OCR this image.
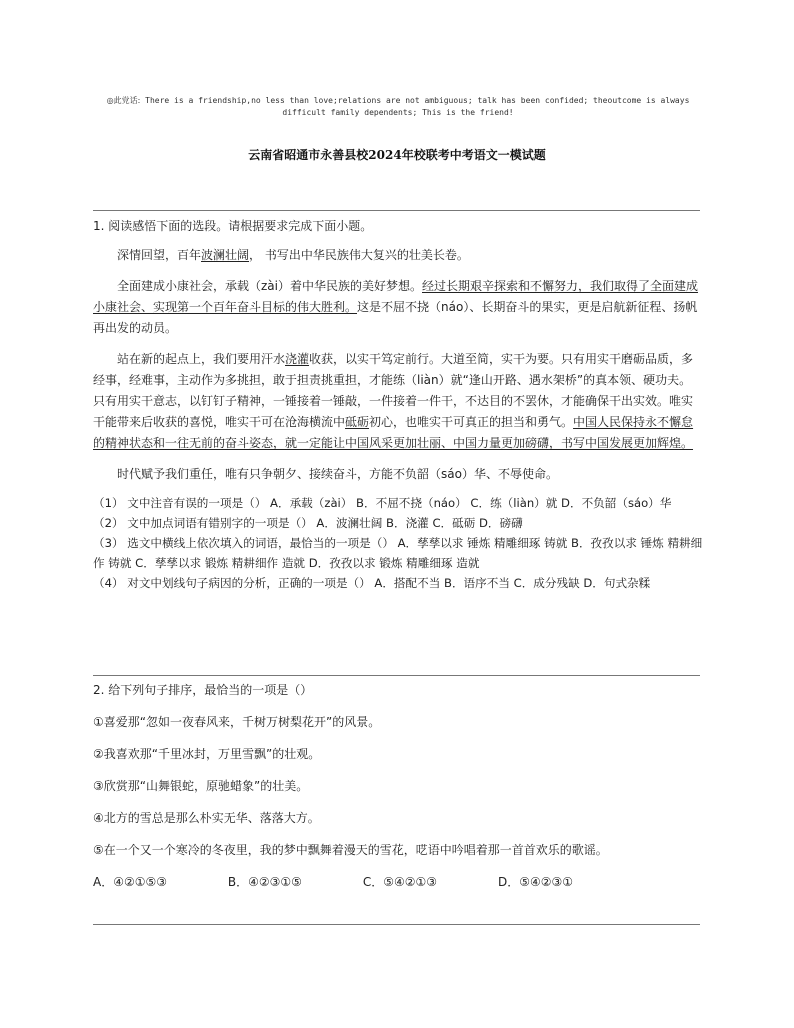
◎此党话: There is a friendship,no less than love;relations are not ambiguous; talk has been confided; theoutcome is always
difficult family dependents; This is the friend!
云南省昭通市永善县校2024年校联考中考语文一模试题
1. 阅读感悟下面的选段。请根据要求完成下面小题。

深情回望，百年波澜壮阔， 书写出中华民族伟大复兴的壮美长卷。

全面建成小康社会，承载（zài）着中华民族的美好梦想。经过长期艰辛探索和不懈努力，我们取得了全面建成小康社会、实现第一个百年奋斗目标的伟大胜利。这是不屈不挠（náo）、长期奋斗的果实，更是启航新征程、扬帆再出发的动员。

站在新的起点上，我们要用汗水浇灌收获，以实干笃定前行。大道至简，实干为要。只有用实干磨砺品质，多经事，经难事，主动作为多挑担，敢于担责挑重担，才能练（liàn）就“逢山开路、遇水架桥”的真本领、硬功夫。只有用实干意志，以钉钉子精神，一锤接着一锤敲，一件接着一件干，不达目的不罢休，才能确保干出实效。唯实干能带来后收获的喜悦，唯实干可在沧海横流中砥砺初心，也唯实干可真正的担当和勇气。中国人民保持永不懈怠的精神状态和一往无前的奋斗姿态，就一定能让中国风采更加壮丽、中国力量更加磅礴，书写中国发展更加辉煌。

时代赋予我们重任，唯有只争朝夕、接续奋斗，方能不负韶（sáo）华、不辱使命。

（1） 文中注音有误的一项是（） A．承载（zài） B．不屈不挠（náo） C．练（liàn）就 D．不负韶（sáo）华
（2） 文中加点词语有错别字的一项是（） A．波澜壮阔 B．浇灌 C．砥砺 D．磅礴
（3） 选文中横线上依次填入的词语，最恰当的一项是（） A．孳孳以求 锤炼 精雕细琢 铸就 B．孜孜以求 锤炼 精耕细作 铸就 C．孳孳以求 锻炼 精耕细作 造就 D．孜孜以求 锻炼 精雕细琢 造就
（4） 对文中划线句子病因的分析，正确的一项是（） A．搭配不当 B．语序不当 C．成分残缺 D．句式杂糅
2. 给下列句子排序，最恰当的一项是（）
①喜爱那“忽如一夜春风来，千树万树梨花开”的风景。
②我喜欢那“千里冰封，万里雪飘”的壮观。
③欣赏那“山舞银蛇，原驰蜡象”的壮美。
④北方的雪总是那么朴实无华、落落大方。
⑤在一个又一个寒冷的冬夜里，我的梦中飘舞着漫天的雪花，呓语中吟唱着那一首首欢乐的歌谣。
A．④②①⑤③	B．④②③①⑤	C．⑤④②①③	D．⑤④②③①
